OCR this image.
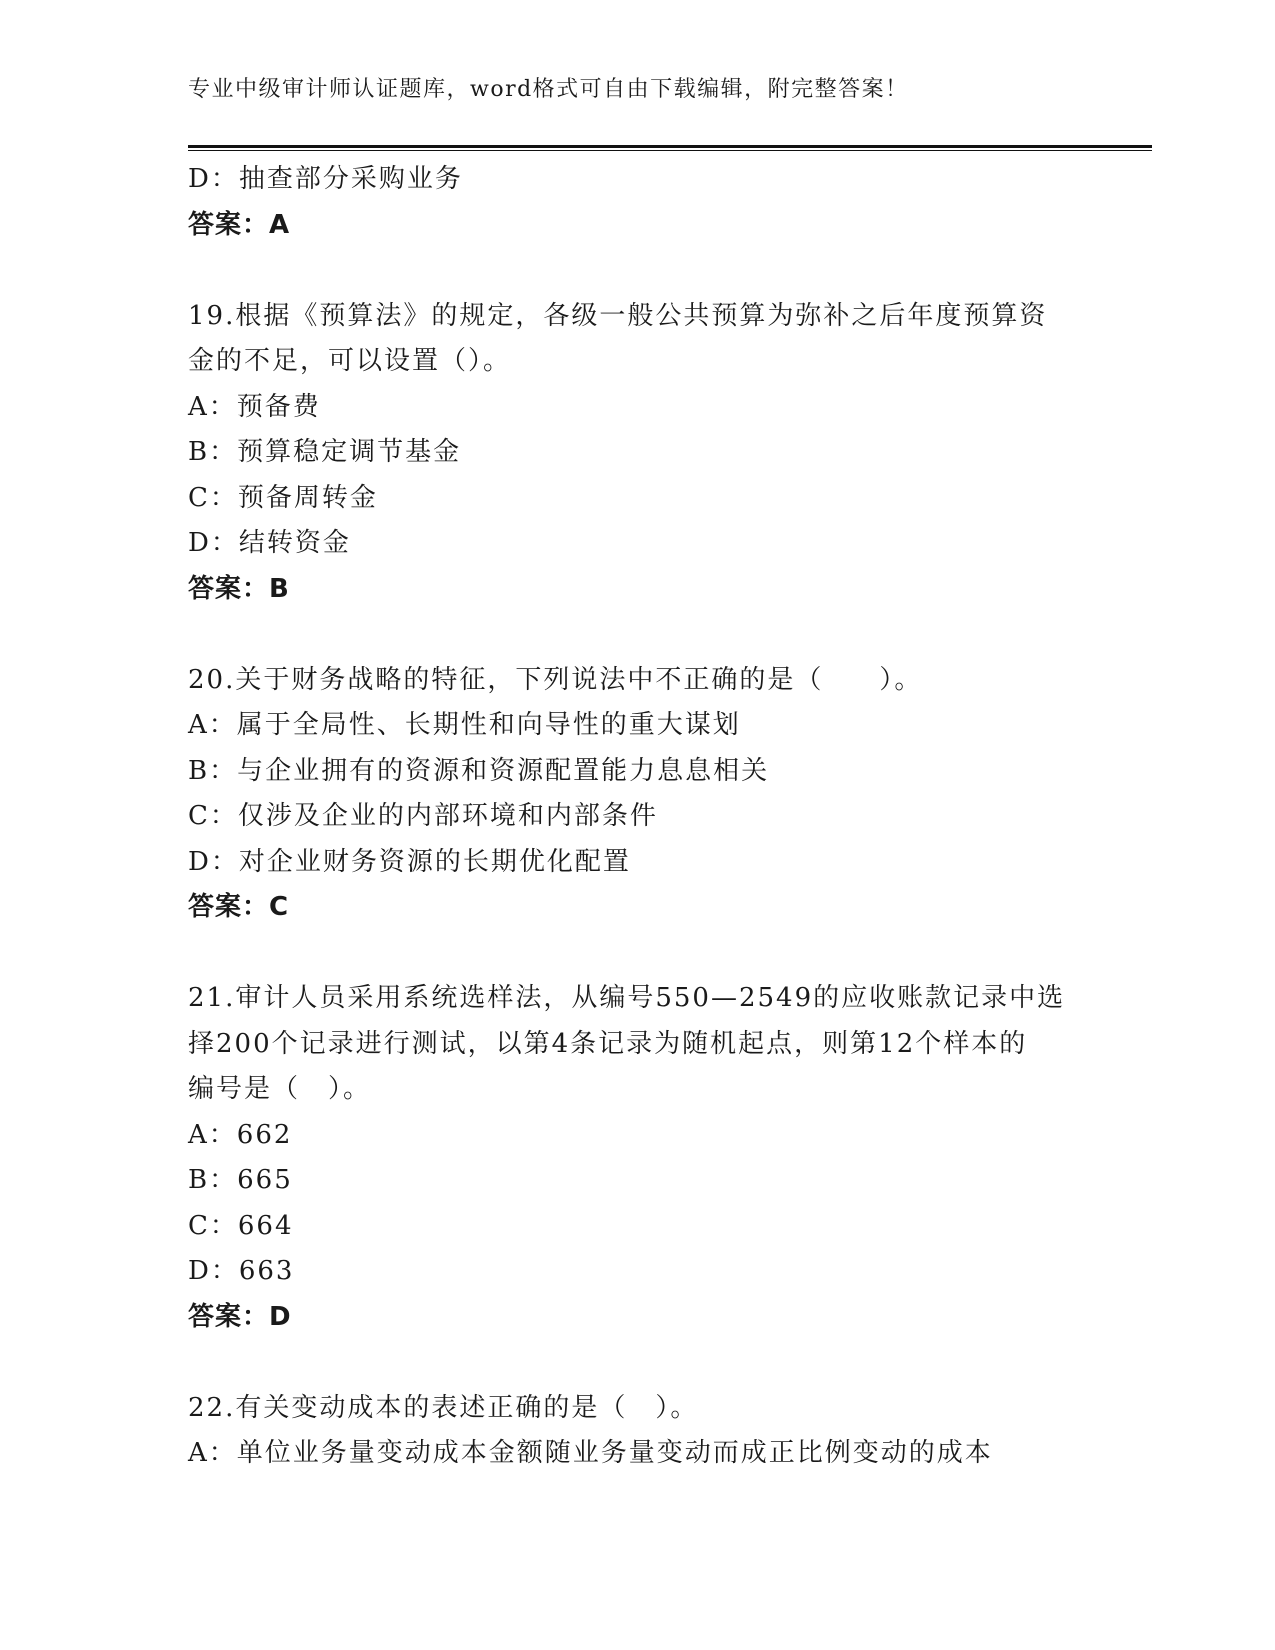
专业中级审计师认证题库，word格式可自由下载编辑，附完整答案！
D：抽查部分采购业务
答案：A
19.根据《预算法》的规定，各级一般公共预算为弥补之后年度预算资
金的不足，可以设置（）。
A：预备费
B：预算稳定调节基金
C：预备周转金
D：结转资金
答案：B
20.关于财务战略的特征，下列说法中不正确的是（　　）。
A：属于全局性、长期性和向导性的重大谋划
B：与企业拥有的资源和资源配置能力息息相关
C：仅涉及企业的内部环境和内部条件
D：对企业财务资源的长期优化配置
答案：C
21.审计人员采用系统选样法，从编号550—2549的应收账款记录中选
择200个记录进行测试，以第4条记录为随机起点，则第12个样本的
编号是（　）。
A：662
B：665
C：664
D：663
答案：D
22.有关变动成本的表述正确的是（　）。
A：单位业务量变动成本金额随业务量变动而成正比例变动的成本
